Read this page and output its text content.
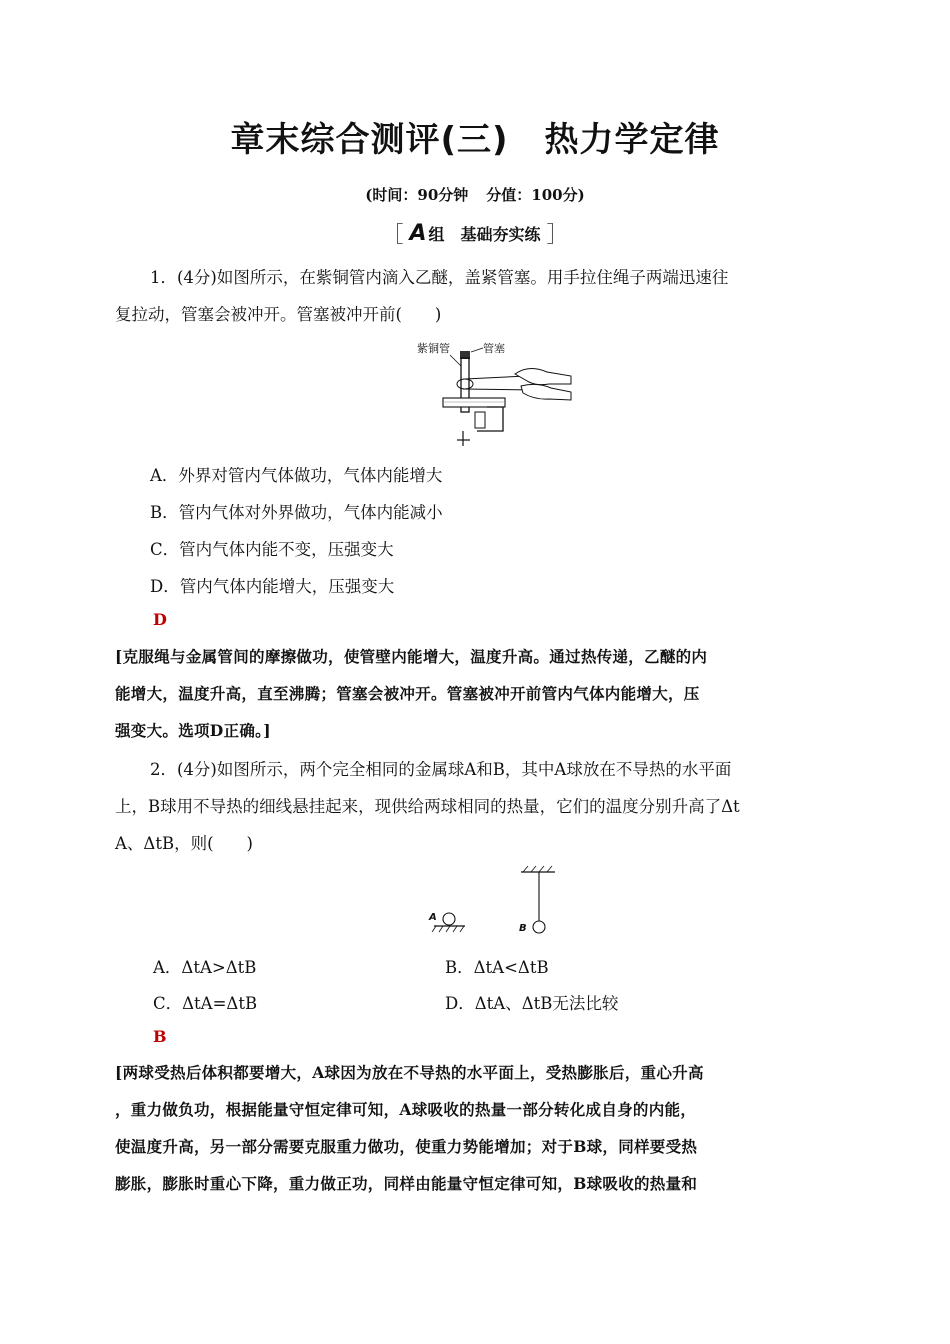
章末综合测评(三) 热力学定律
(时间：90分钟 分值：100分)
［ A 组 基础夯实练 ］
1．(4分)如图所示，在紫铜管内滴入乙醚，盖紧管塞。用手拉住绳子两端迅速往
复拉动，管塞会被冲开。管塞被冲开前(　　)
紫铜管	管塞
A．外界对管内气体做功，气体内能增大
B．管内气体对外界做功，气体内能减小
C．管内气体内能不变，压强变大
D．管内气体内能增大，压强变大
D
[克服绳与金属管间的摩擦做功，使管壁内能增大，温度升高。通过热传递，乙醚的内
能增大，温度升高，直至沸腾；管塞会被冲开。管塞被冲开前管内气体内能增大，压
强变大。选项D正确。]
2．(4分)如图所示，两个完全相同的金属球A和B，其中A球放在不导热的水平面
上，B球用不导热的细线悬挂起来，现供给两球相同的热量，它们的温度分别升高了Δt
A、ΔtB，则(　　)
B
A
A．ΔtA>ΔtB	B．ΔtA<ΔtB
C．ΔtA=ΔtB	D．ΔtA、ΔtB无法比较
B
[两球受热后体积都要增大，A球因为放在不导热的水平面上，受热膨胀后，重心升高
，重力做负功，根据能量守恒定律可知，A球吸收的热量一部分转化成自身的内能，
使温度升高，另一部分需要克服重力做功，使重力势能增加；对于B球，同样要受热
膨胀，膨胀时重心下降，重力做正功，同样由能量守恒定律可知，B球吸收的热量和
